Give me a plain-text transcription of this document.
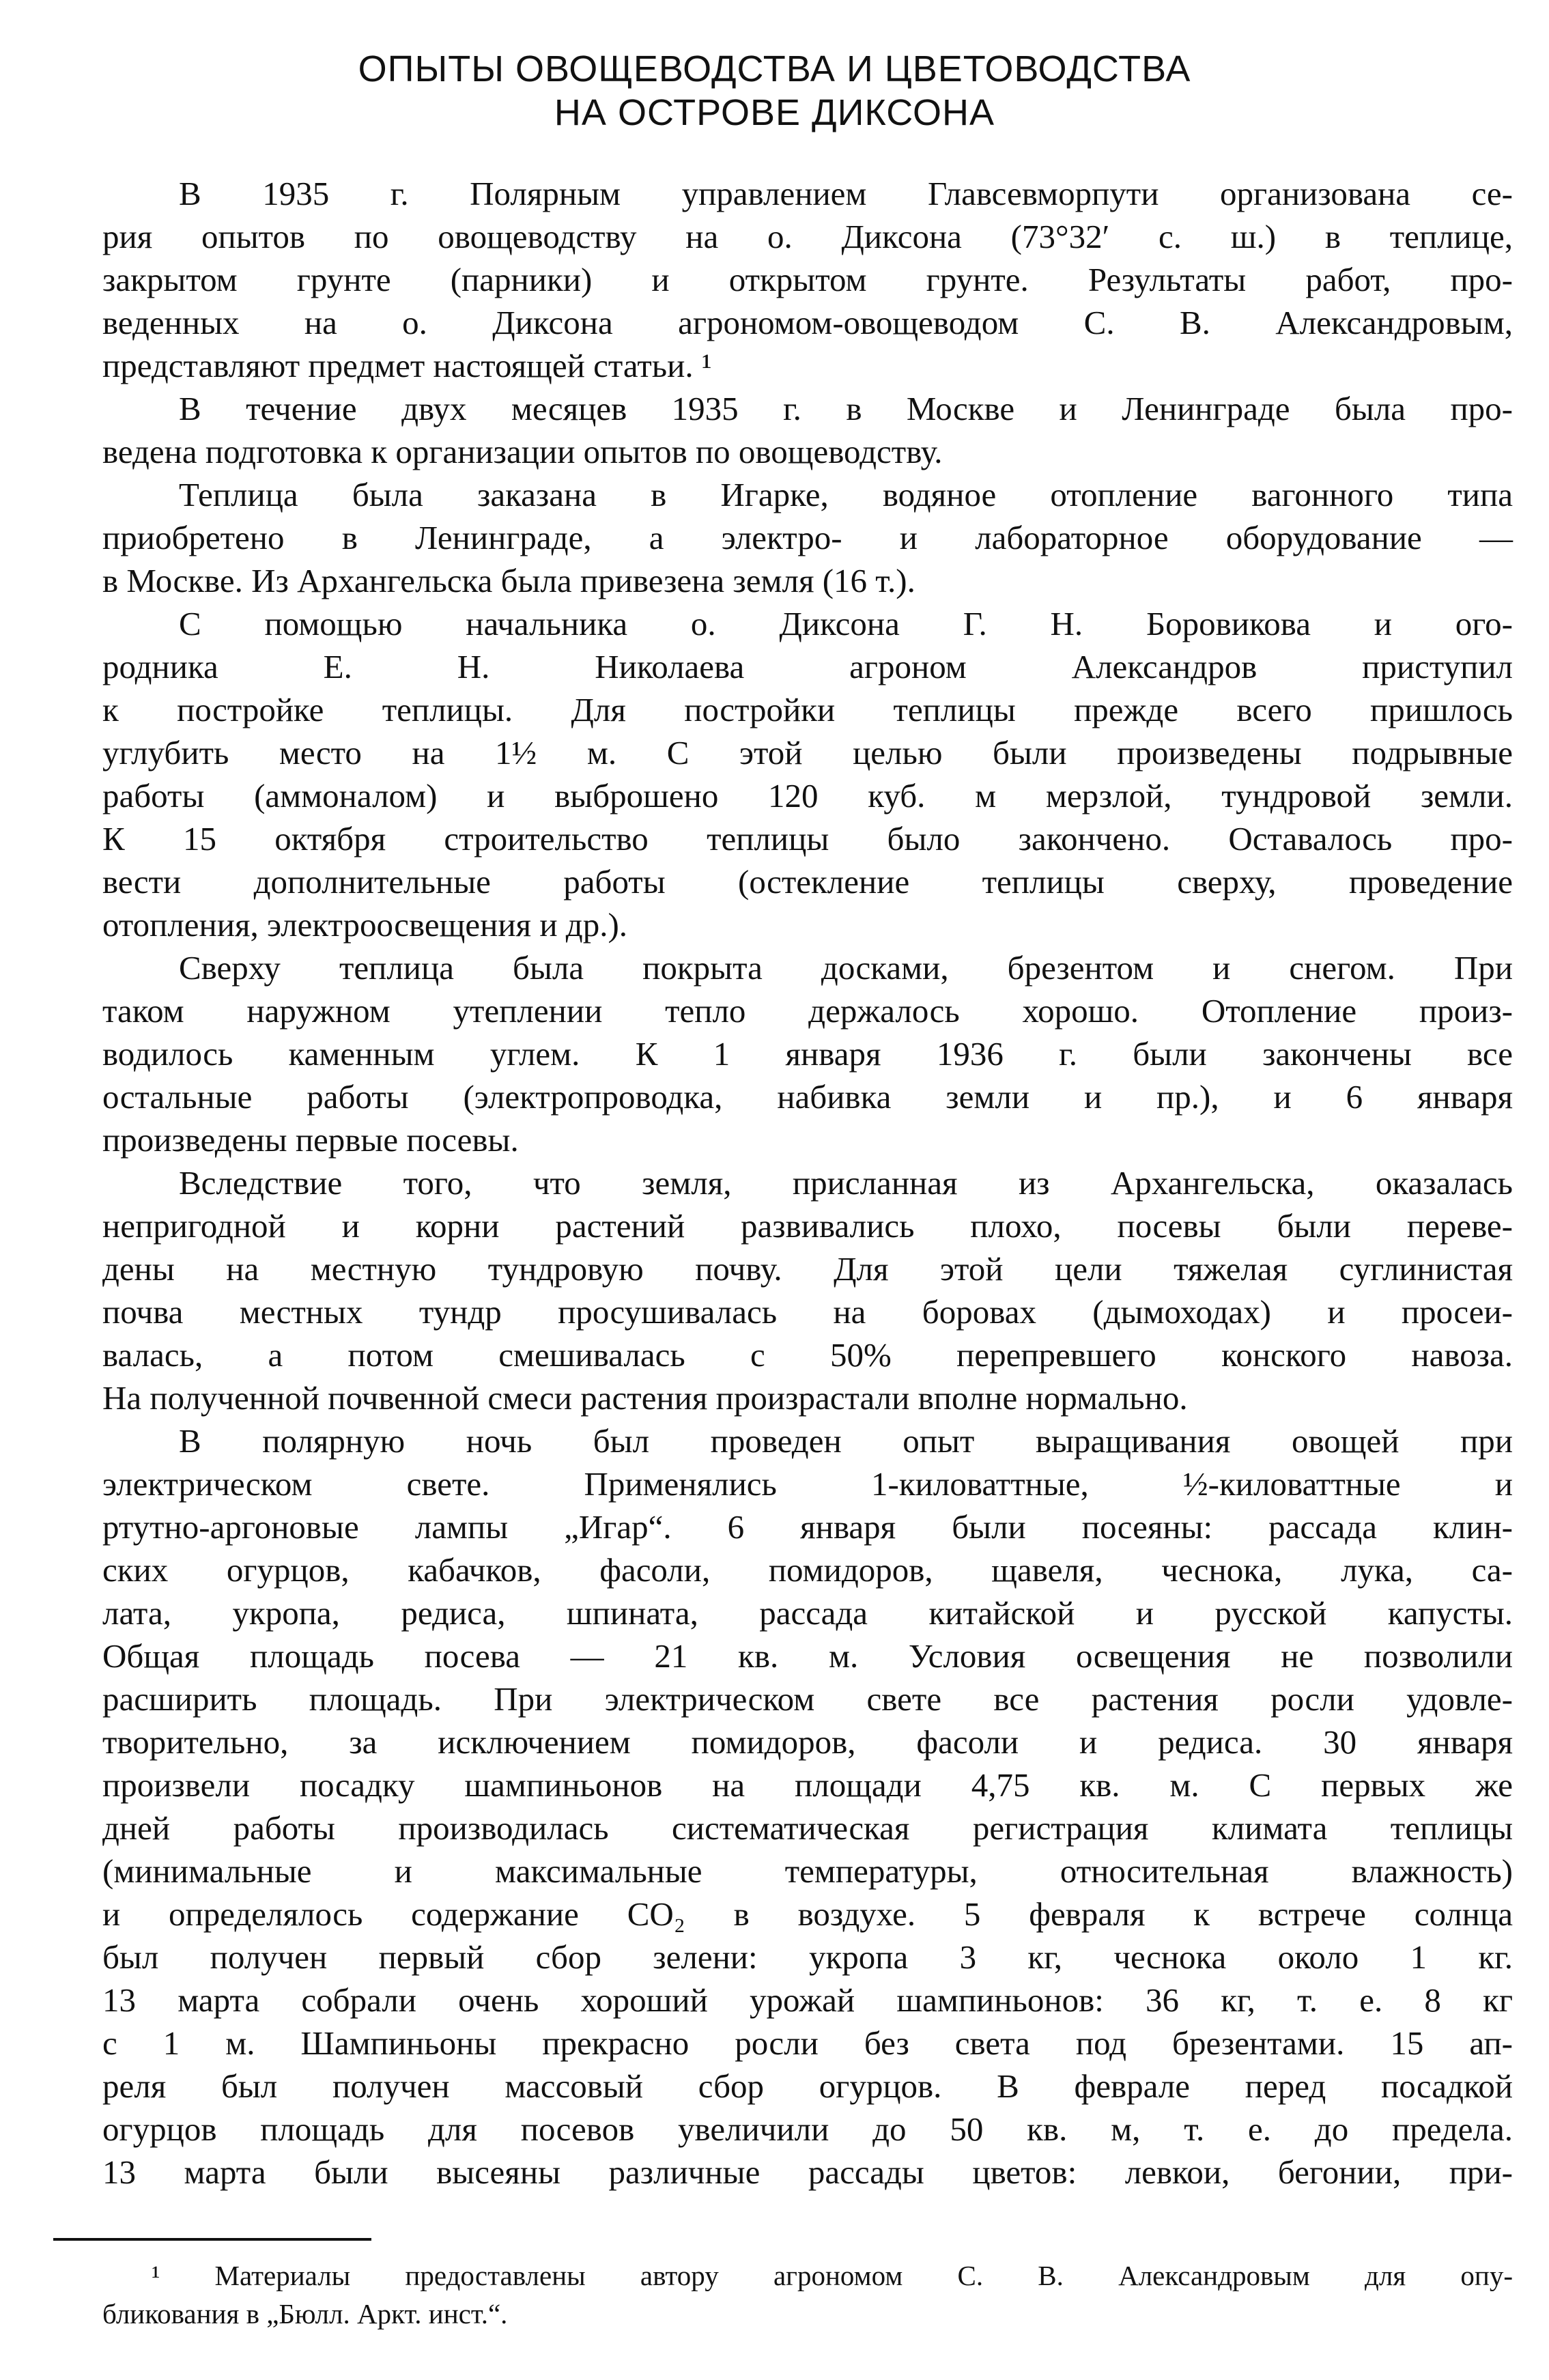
ОПЫТЫ ОВОЩЕВОДСТВА И ЦВЕТОВОДСТВА
НА ОСТРОВЕ ДИКСОНА
В 1935 г. Полярным управлением Главсевморпути организована се-
рия опытов по овощеводству на о. Диксона (73°32′ с. ш.) в теплице,
закрытом грунте (парники) и открытом грунте. Результаты работ, про-
веденных на о. Диксона агрономом-овощеводом С. В. Александровым,
представляют предмет настоящей статьи. ¹
В течение двух месяцев 1935 г. в Москве и Ленинграде была про-
ведена подготовка к организации опытов по овощеводству.
Теплица была заказана в Игарке, водяное отопление вагонного типа
приобретено в Ленинграде, а электро- и лабораторное оборудование —
в Москве. Из Архангельска была привезена земля (16 т.).
С помощью начальника о. Диксона Г. Н. Боровикова и ого-
родника Е. Н. Николаева агроном Александров приступил
к постройке теплицы. Для постройки теплицы прежде всего пришлось
углубить место на 1½ м. С этой целью были произведены подрывные
работы (аммоналом) и выброшено 120 куб. м мерзлой, тундровой земли.
К 15 октября строительство теплицы было закончено. Оставалось про-
вести дополнительные работы (остекление теплицы сверху, проведение
отопления, электроосвещения и др.).
Сверху теплица была покрыта досками, брезентом и снегом. При
таком наружном утеплении тепло держалось хорошо. Отопление произ-
водилось каменным углем. К 1 января 1936 г. были закончены все
остальные работы (электропроводка, набивка земли и пр.), и 6 января
произведены первые посевы.
Вследствие того, что земля, присланная из Архангельска, оказалась
непригодной и корни растений развивались плохо, посевы были переве-
дены на местную тундровую почву. Для этой цели тяжелая суглинистая
почва местных тундр просушивалась на боровах (дымоходах) и просеи-
валась, а потом смешивалась с 50% перепревшего конского навоза.
На полученной почвенной смеси растения произрастали вполне нормально.
В полярную ночь был проведен опыт выращивания овощей при
электрическом свете. Применялись 1-киловаттные, ½-киловаттные и
ртутно-аргоновые лампы „Игар“. 6 января были посеяны: рассада клин-
ских огурцов, кабачков, фасоли, помидоров, щавеля, чеснока, лука, са-
лата, укропа, редиса, шпината, рассада китайской и русской капусты.
Общая площадь посева — 21 кв. м. Условия освещения не позволили
расширить площадь. При электрическом свете все растения росли удовле-
творительно, за исключением помидоров, фасоли и редиса. 30 января
произвели посадку шампиньонов на площади 4,75 кв. м. С первых же
дней работы производилась систематическая регистрация климата теплицы
(минимальные и максимальные температуры, относительная влажность)
и определялось содержание CO₂ в воздухе. 5 февраля к встрече солнца
был получен первый сбор зелени: укропа 3 кг, чеснока около 1 кг.
13 марта собрали очень хороший урожай шампиньонов: 36 кг, т. е. 8 кг
с 1 м. Шампиньоны прекрасно росли без света под брезентами. 15 ап-
реля был получен массовый сбор огурцов. В феврале перед посадкой
огурцов площадь для посевов увеличили до 50 кв. м, т. е. до предела.
13 марта были высеяны различные рассады цветов: левкои, бегонии, при-
¹ Материалы предоставлены автору агрономом С. В. Александровым для опу-
бликования в „Бюлл. Аркт. инст.“.
